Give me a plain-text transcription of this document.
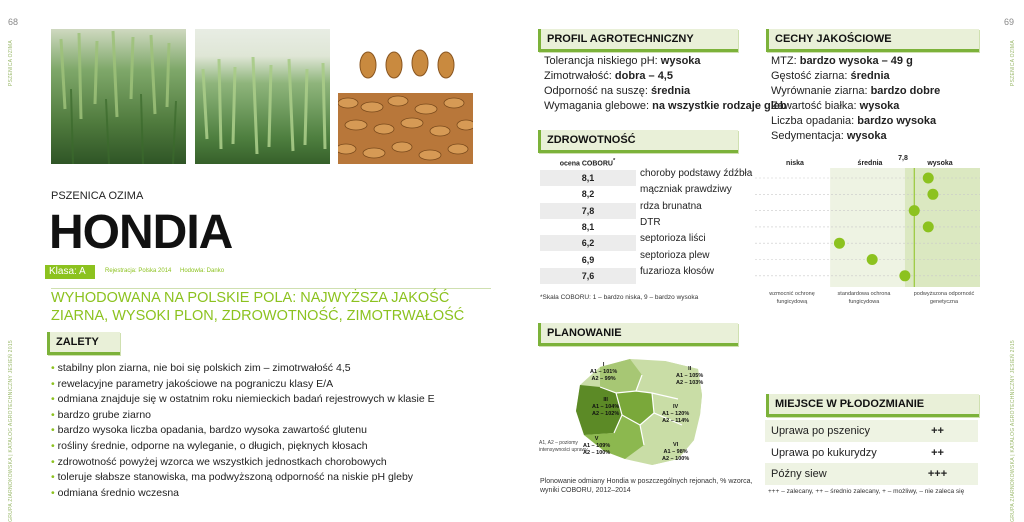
68
PSZENICA OZIMA
GRUPA ZIARNOKOWSKA | KATALOG AGROTECHNICZNY JESIEŃ 2015
PSZENICA OZIMA
HONDIA
Klasa: A	Rejestracja: Polska 2014 Hodowla: Danko
WYHODOWANA NA POLSKIE POLA: NAJWYŻSZA JAKOŚĆ
ZIARNA, WYSOKI PLON, ZDROWOTNOŚĆ, ZIMOTRWAŁOŚĆ
ZALETY
• stabilny plon ziarna, nie boi się polskich zim – zimotrwałość 4,5
• rewelacyjne parametry jakościowe na pograniczu klasy E/A
• odmiana znajduje się w ostatnim roku niemieckich badań rejestrowych w klasie E
• bardzo grube ziarno
• bardzo wysoka liczba opadania, bardzo wysoka zawartość glutenu
• rośliny średnie, odporne na wyleganie, o długich, pięknych kłosach
• zdrowotność powyżej wzorca we wszystkich jednostkach chorobowych
• toleruje słabsze stanowiska, ma podwyższoną odporność na niskie pH gleby
• odmiana średnio wczesna
69
PSZENICA OZIMA
GRUPA ZIARNOKOWSKA | KATALOG AGROTECHNICZNY JESIEŃ 2015
PROFIL AGROTECHNICZNY
Tolerancja niskiego pH: wysoka
Zimotrwałość: dobra – 4,5
Odporność na suszę: średnia
Wymagania glebowe: na wszystkie rodzaje gleb
CECHY JAKOŚCIOWE
MTZ: bardzo wysoka – 49 g
Gęstość ziarna: średnia
Wyrównanie ziarna: bardzo dobre
Zawartość białka: wysoka
Liczba opadania: bardzo wysoka
Sedymentacja: wysoka
ZDROWOTNOŚĆ
ocena COBORU*
8,1	choroby podstawy źdźbła
8,2	mączniak prawdziwy
7,8	rdza brunatna
8,1	DTR
6,2	septorioza liści
6,9	septorioza plew
7,6	fuzarioza kłosów
niska	średnia
7,8
wysoka
wzmocnić ochronę fungicydową
standardowa ochrona fungicydowa
podwyższona odporność genetyczna
*Skala COBORU: 1 – bardzo niska, 9 – bardzo wysoka
PLANOWANIE
I
A1 – 101%
A2 – 99%
II
A1 – 105%
A2 – 103%
III
A1 – 104%
A2 – 102%
IV
A1 – 120%
A2 – 114%
V
A1 – 109%
A2 – 100%
VI
A1 – 98%
A2 – 100%
A1, A2 – poziomy intensywności uprawy
Plonowanie odmiany Hondia w poszczególnych rejonach, % wzorca,
wyniki COBORU, 2012–2014
MIEJSCE W PŁODOZMIANIE
Uprawa po pszenicy	++
Uprawa po kukurydzy	++
Późny siew	+++
+++ – zalecany, ++ – średnio zalecany, + – możliwy, – nie zaleca się
